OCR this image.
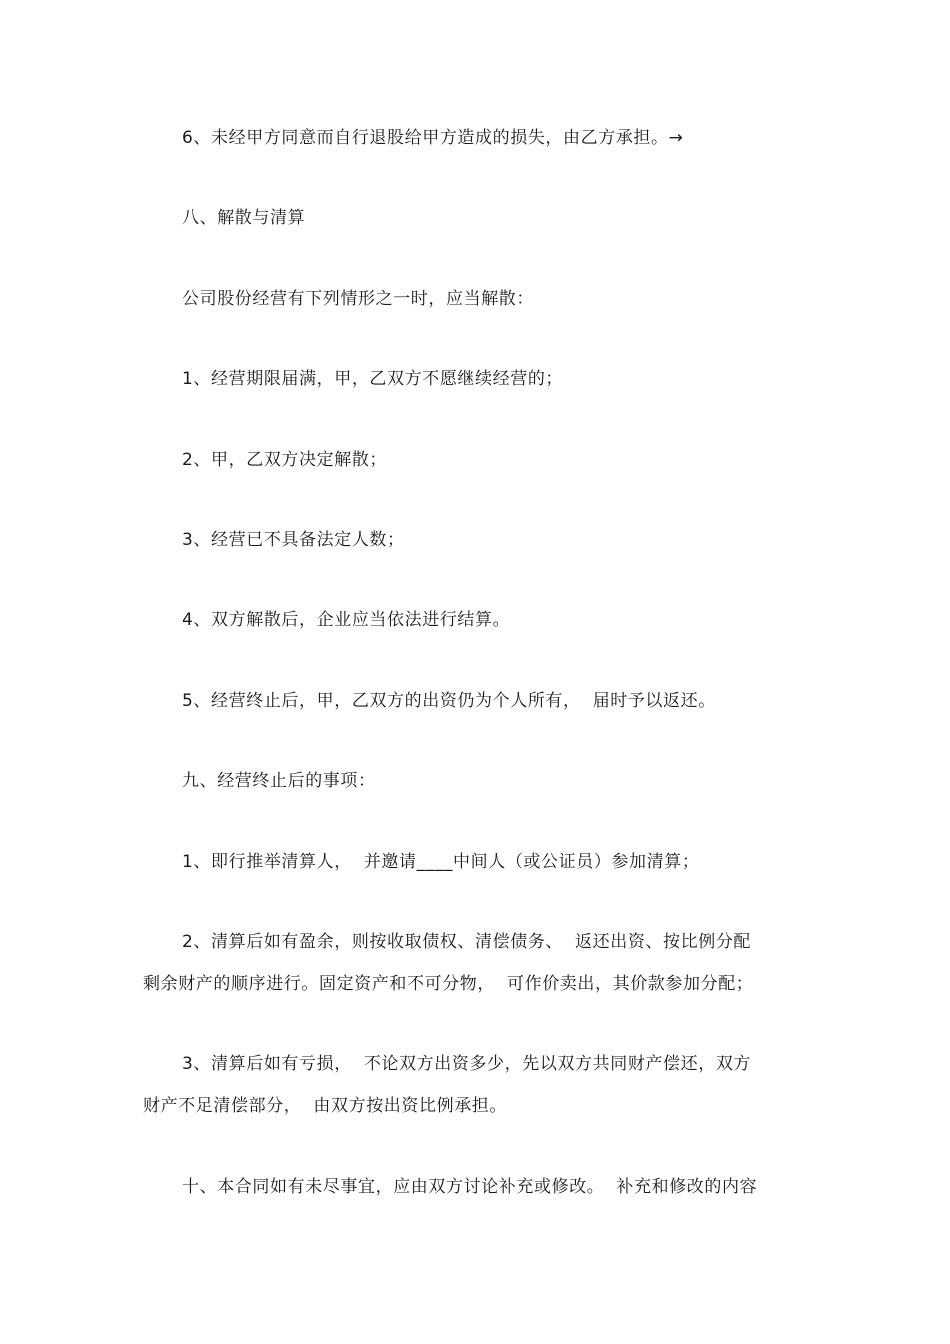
6、未经甲方同意而自行退股给甲方造成的损失，由乙方承担。→

八、解散与清算

公司股份经营有下列情形之一时，应当解散：

1、经营期限届满，甲，乙双方不愿继续经营的；

2、甲，乙双方决定解散；

3、经营已不具备法定人数；

4、双方解散后，企业应当依法进行结算。

5、经营终止后，甲，乙双方的出资仍为个人所有，  届时予以返还。

九、经营终止后的事项：

1、即行推举清算人，  并邀请____中间人（或公证员）参加清算；

2、清算后如有盈余，则按收取债权、清偿债务、  返还出资、按比例分配

剩余财产的顺序进行。固定资产和不可分物，  可作价卖出，其价款参加分配；

3、清算后如有亏损，  不论双方出资多少，先以双方共同财产偿还，双方

财产不足清偿部分，  由双方按出资比例承担。

十、本合同如有未尽事宜，应由双方讨论补充或修改。  补充和修改的内容
